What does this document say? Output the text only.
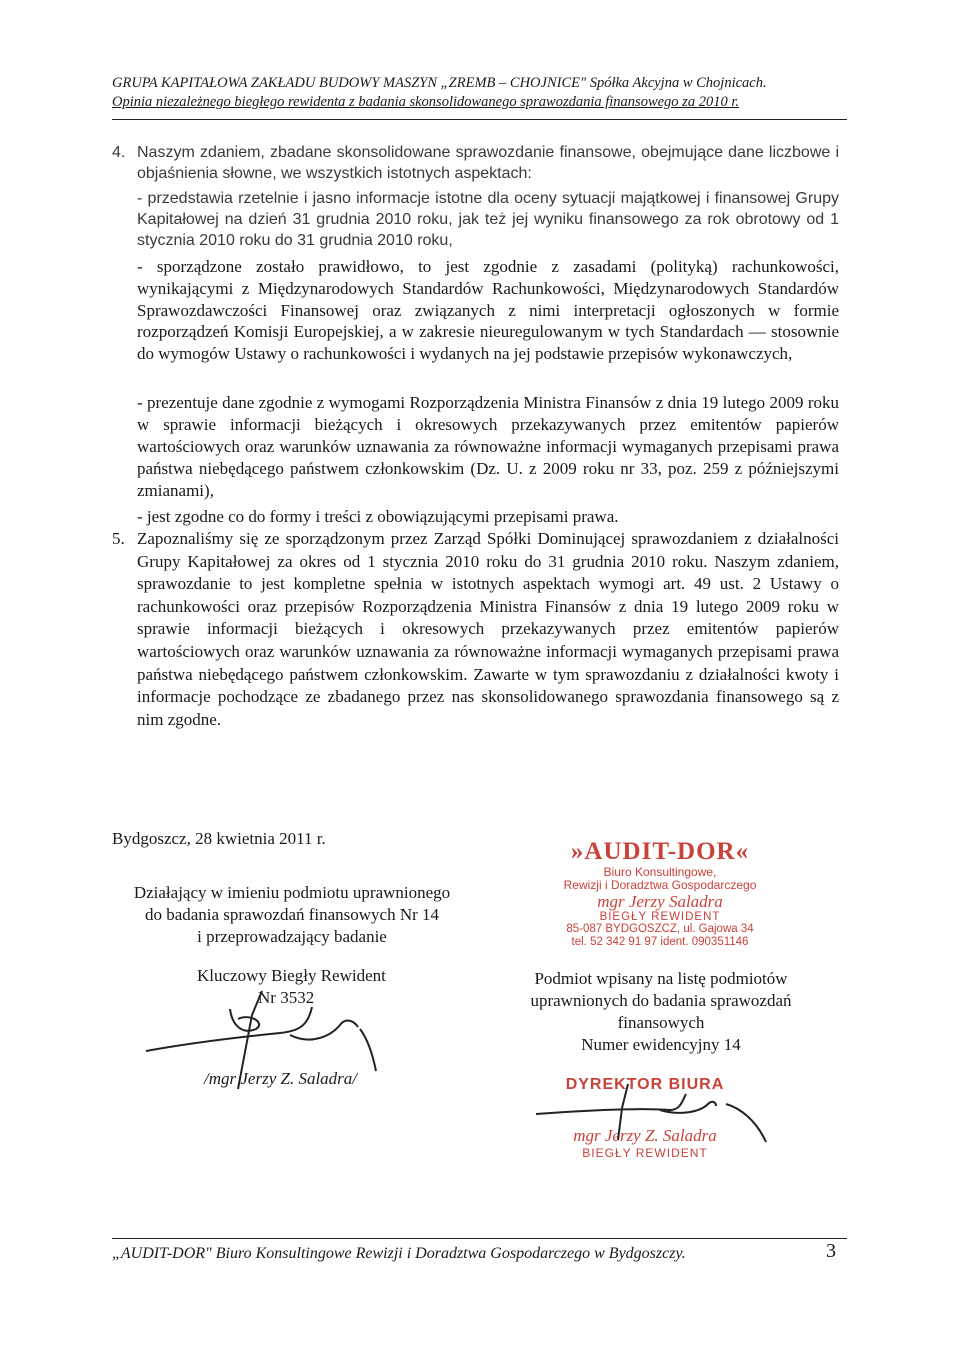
GRUPA KAPITAŁOWA ZAKŁADU BUDOWY MASZYN „ZREMB – CHOJNICE" Spółka Akcyjna w Chojnicach.
Opinia niezależnego biegłego rewidenta z badania skonsolidowanego sprawozdania finansowego za 2010 r.
4. Naszym zdaniem, zbadane skonsolidowane sprawozdanie finansowe, obejmujące dane liczbowe i objaśnienia słowne, we wszystkich istotnych aspektach:
- przedstawia rzetelnie i jasno informacje istotne dla oceny sytuacji majątkowej i finansowej Grupy Kapitałowej na dzień 31 grudnia 2010 roku, jak też jej wyniku finansowego za rok obrotowy od 1 stycznia 2010 roku do 31 grudnia 2010 roku,
- sporządzone zostało prawidłowo, to jest zgodnie z zasadami (polityką) rachunkowości, wynikającymi z Międzynarodowych Standardów Rachunkowości, Międzynarodowych Standardów Sprawozdawczości Finansowej oraz związanych z nimi interpretacji ogłoszonych w formie rozporządzeń Komisji Europejskiej, a w zakresie nieuregulowanym w tych Standardach — stosownie do wymogów Ustawy o rachunkowości i wydanych na jej podstawie przepisów wykonawczych,
- prezentuje dane zgodnie z wymogami Rozporządzenia Ministra Finansów z dnia 19 lutego 2009 roku w sprawie informacji bieżących i okresowych przekazywanych przez emitentów papierów wartościowych oraz warunków uznawania za równoważne informacji wymaganych przepisami prawa państwa niebędącego państwem członkowskim (Dz. U. z 2009 roku nr 33, poz. 259 z późniejszymi zmianami),
- jest zgodne co do formy i treści z obowiązującymi przepisami prawa.
5. Zapoznaliśmy się ze sporządzonym przez Zarząd Spółki Dominującej sprawozdaniem z działalności Grupy Kapitałowej za okres od 1 stycznia 2010 roku do 31 grudnia 2010 roku. Naszym zdaniem, sprawozdanie to jest kompletne spełnia w istotnych aspektach wymogi art. 49 ust. 2 Ustawy o rachunkowości oraz przepisów Rozporządzenia Ministra Finansów z dnia 19 lutego 2009 roku w sprawie informacji bieżących i okresowych przekazywanych przez emitentów papierów wartościowych oraz warunków uznawania za równoważne informacji wymaganych przepisami prawa państwa niebędącego państwem członkowskim. Zawarte w tym sprawozdaniu z działalności kwoty i informacje pochodzące ze zbadanego przez nas skonsolidowanego sprawozdania finansowego są z nim zgodne.
Bydgoszcz, 28 kwietnia 2011 r.
Działający w imieniu podmiotu uprawnionego
do badania sprawozdań finansowych Nr 14
i przeprowadzający badanie
Kluczowy Biegły Rewident
Nr 3532
/mgr Jerzy Z. Saladra/
»AUDIT-DOR«
Biuro Konsultingowe,
Rewizji i Doradztwa Gospodarczego
mgr Jerzy Saladra
BIEGŁY REWIDENT
85-087 BYDGOSZCZ, ul. Gajowa 34
tel. 52 342 91 97 ident. 090351146
Podmiot wpisany na listę podmiotów
uprawnionych do badania sprawozdań
finansowych
Numer ewidencyjny 14
DYREKTOR BIURA
mgr Jerzy Z. Saladra
BIEGŁY REWIDENT
„AUDIT-DOR" Biuro Konsultingowe Rewizji i Doradztwa Gospodarczego w Bydgoszczy.	3
